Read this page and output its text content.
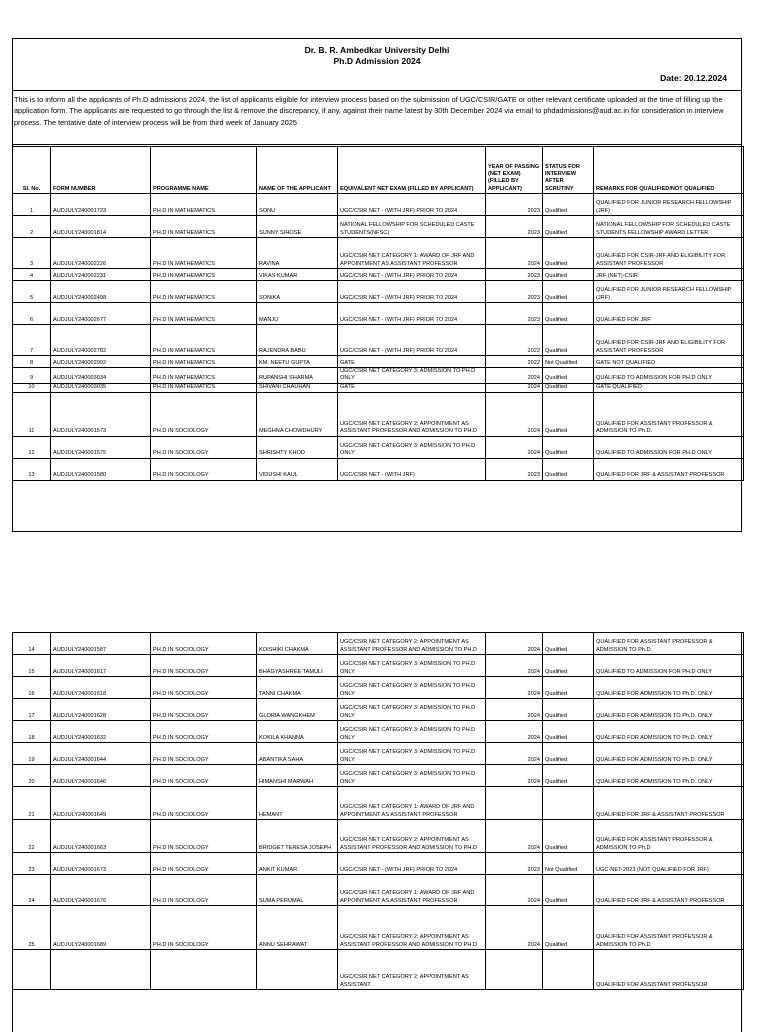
Dr. B. R. Ambedkar University Delhi
Ph.D Admission 2024
Date: 20.12.2024
This is to inform all the applicants of Ph.D admissions 2024, the list of applicants eligible for interview process based on the submission of UGC/CSIR/GATE or other relevant certificate uploaded at the time of filling up the application form. The applicants are requested to go through the list & remove the discrepancy, if any, against their name latest by 30th December 2024 via email to phdadmissions@aud.ac.in for consideration in interview process. The tentative date of interview process will be from third week of January 2025
Sl. No.	FORM NUMBER	PROGRAMME NAME	NAME OF THE APPLICANT	EQUIVALENT NET EXAM (FILLED BY APPLICANT)	YEAR OF PASSING (NET EXAM) (FILLED BY APPLICANT)	STATUS FOR INTERVIEW AFTER SCRUTINY	REMARKS FOR QUALIFIED/NOT QUALIFIED
1	AUDJULY240001723	PH.D IN MATHEMATICS	SONU	UGC/CSIR NET - (WITH JRF) PRIOR TO 2024	2023	Qualified	QUALIFIED FOR JUNIOR RESEARCH FELLOWSHIP (JRF)
2	AUDJULY240001814	PH.D IN MATHEMATICS	SUNNY SIHOSE	NATIONAL FELLOWSHIP FOR SCHEDULED CASTE STUDENTS(NFSC)	2023	Qualified	NATIONAL FELLOWSHIP FOR SCHEDULED CASTE STUDENTS FELLOWSHIP AWARD LETTER
3	AUDJULY240002226	PH.D IN MATHEMATICS	RAVINA	UGC/CSIR NET CATEGORY 1: AWARD OF JRF AND APPOINTMENT AS ASSISTANT PROFESSOR	2024	Qualified	QUALIFIED FOR CSIR-JRF AND ELIGIBILITY FOR ASSISTANT PROFESSOR
4	AUDJULY240002231	PH.D IN MATHEMATICS	VIKAS KUMAR	UGC/CSIR NET - (WITH JRF) PRIOR TO 2024	2023	Qualified	JRF (NET)-CSIR
5	AUDJULY240002498	PH.D IN MATHEMATICS	SONIKA	UGC/CSIR NET - (WITH JRF) PRIOR TO 2024	2023	Qualified	QUALIFIED FOR JUNIOR RESEARCH FELLOWSHIP (JRF)
6	AUDJULY240002677	PH.D IN MATHEMATICS	MANJU	UGC/CSIR NET - (WITH JRF) PRIOR TO 2024	2023	Qualified	QUALIFIED FOR JRF
7	AUDJULY240002782	PH.D IN MATHEMATICS	RAJENDRA BABU	UGC/CSIR NET - (WITH JRF) PRIOR TO 2024	2022	Qualified	QUALIFIED FOR CSIR-JRF AND ELIGIBILITY FOR ASSISTANT PROFESSOR
8	AUDJULY240002992	PH.D IN MATHEMATICS	KM. NEETU GUPTA	GATE	2022	Not Qualified	GATE NOT QUALIFIED
9	AUDJULY240003034	PH.D IN MATHEMATICS	RUPANSHI SHARMA	UGC/CSIR NET CATEGORY 3: ADMISSION TO PH.D ONLY	2024	Qualified	QUALIFIED TO ADMISSION FOR PH.D ONLY
10	AUDJULY240003035	PH.D IN MATHEMATICS	SHIVANI CHAUHAN	GATE	2024	Qualified	GATE QUALIFIED
11	AUDJULY240001573	PH.D IN SOCIOLOGY	MEGHNA CHOWDHURY	UGC/CSIR NET CATEGORY 2: APPOINTMENT AS ASSISTANT PROFESSOR AND ADMISSION TO PH.D	2024	Qualified	QUALIFIED FOR ASSISTANT PROFESSOR & ADMISSION TO Ph.D.
12	AUDJULY240001575	PH.D IN SOCIOLOGY	SHRISHTY KHOD	UGC/CSIR NET CATEGORY 3: ADMISSION TO PH.D ONLY	2024	Qualified	QUALIFIED TO ADMISSION FOR PH.D ONLY
13	AUDJULY240001580	PH.D IN SOCIOLOGY	VIDUSHI KAUL	UGC/CSIR NET - (WITH JRF)	2023	Qualified	QUALIFIED FOR JRF & ASSISTANT PROFESSOR
14	AUDJULY240001587	PH.D IN SOCIOLOGY	KOISHIKI CHAKMA	UGC/CSIR NET CATEGORY 2: APPOINTMENT AS ASSISTANT PROFESSOR AND ADMISSION TO PH.D	2024	Qualified	QUALIFIED FOR ASSISTANT PROFESSOR & ADMISSION TO Ph.D.
15	AUDJULY240001617	PH.D IN SOCIOLOGY	BHAGYASHREE TAMULI	UGC/CSIR NET CATEGORY 3: ADMISSION TO PH.D ONLY	2024	Qualified	QUALIFIED TO ADMISSION FOR PH.D ONLY
16	AUDJULY240001618	PH.D IN SOCIOLOGY	TANNI CHAKMA	UGC/CSIR NET CATEGORY 3: ADMISSION TO PH.D ONLY	2024	Qualified	QUALIFIED FOR ADMISSION TO Ph.D. ONLY
17	AUDJULY240001628	PH.D IN SOCIOLOGY	GLORIA WANGKHEM	UGC/CSIR NET CATEGORY 3: ADMISSION TO PH.D ONLY	2024	Qualified	QUALIFIED FOR ADMISSION TO Ph.D. ONLY
18	AUDJULY240001632	PH.D IN SOCIOLOGY	KOKILA KHANNA	UGC/CSIR NET CATEGORY 3: ADMISSION TO PH.D ONLY	2024	Qualified	QUALIFIED FOR ADMISSION TO Ph.D. ONLY
19	AUDJULY240001644	PH.D IN SOCIOLOGY	ABANTIKA SAHA	UGC/CSIR NET CATEGORY 3: ADMISSION TO PH.D ONLY	2024	Qualified	QUALIFIED FOR ADMISSION TO Ph.D. ONLY
20	AUDJULY240001646	PH.D IN SOCIOLOGY	HIMANSHI MARWAH	UGC/CSIR NET CATEGORY 3: ADMISSION TO PH.D ONLY	2024	Qualified	QUALIFIED FOR ADMISSION TO Ph.D. ONLY
21	AUDJULY240001649	PH.D IN SOCIOLOGY	HEMANT	UGC/CSIR NET CATEGORY 1: AWARD OF JRF AND APPOINTMENT AS ASSISTANT PROFESSOR			QUALIFIED FOR JRF & ASSISTANT PROFESSOR
22	AUDJULY240001663	PH.D IN SOCIOLOGY	BRIDGET TERESA JOSEPH	UGC/CSIR NET CATEGORY 2: APPOINTMENT AS ASSISTANT PROFESSOR AND ADMISSION TO PH.D	2024	Qualified	QUALIFIED FOR ASSISTANT PROFESSOR & ADMISSION TO Ph.D
23	AUDJULY240001673	PH.D IN SOCIOLOGY	ANKIT KUMAR	UGC/CSIR NET - (WITH JRF) PRIOR TO 2024	2023	Not Qualified	UGC-NET-2023 (NOT QUALIFIED FOR JRF)
24	AUDJULY240001676	PH.D IN SOCIOLOGY	SUMA PERUMAL	UGC/CSIR NET CATEGORY 1: AWARD OF JRF AND APPOINTMENT AS ASSISTANT PROFESSOR	2024	Qualified	QUALIFIED FOR JRF & ASSISTANT PROFESSOR
25	AUDJULY240001689	PH.D IN SOCIOLOGY	ANNU SEHRAWAT	UGC/CSIR NET CATEGORY 2: APPOINTMENT AS ASSISTANT PROFESSOR AND ADMISSION TO PH.D	2024	Qualified	QUALIFIED FOR ASSISTANT PROFESSOR & ADMISSION TO Ph.D
				UGC/CSIR NET CATEGORY 2: APPOINTMENT AS ASSISTANT			QUALIFIED FOR ASSISTANT PROFESSOR
